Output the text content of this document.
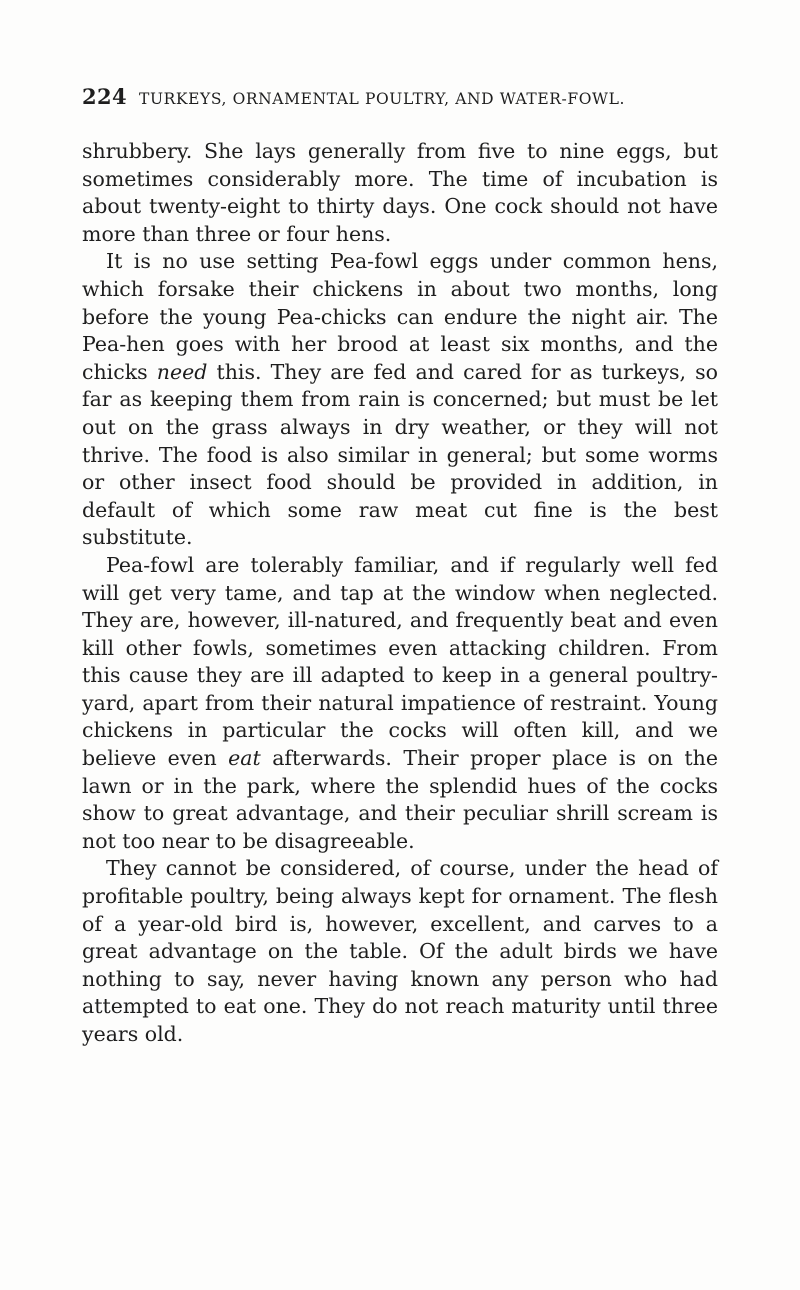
224 TURKEYS, ORNAMENTAL POULTRY, AND WATER-FOWL.

shrubbery. She lays generally from five to nine eggs, but sometimes considerably more. The time of incubation is about twenty-eight to thirty days. One cock should not have more than three or four hens.

It is no use setting Pea-fowl eggs under common hens, which forsake their chickens in about two months, long before the young Pea-chicks can endure the night air. The Pea-hen goes with her brood at least six months, and the chicks need this. They are fed and cared for as turkeys, so far as keeping them from rain is concerned; but must be let out on the grass always in dry weather, or they will not thrive. The food is also similar in general; but some worms or other insect food should be provided in addition, in default of which some raw meat cut fine is the best substitute.

Pea-fowl are tolerably familiar, and if regularly well fed will get very tame, and tap at the window when neglected. They are, however, ill-natured, and frequently beat and even kill other fowls, sometimes even attacking children. From this cause they are ill adapted to keep in a general poultry-yard, apart from their natural impatience of restraint. Young chickens in particular the cocks will often kill, and we believe even eat afterwards. Their proper place is on the lawn or in the park, where the splendid hues of the cocks show to great advantage, and their peculiar shrill scream is not too near to be disagreeable.

They cannot be considered, of course, under the head of profitable poultry, being always kept for ornament. The flesh of a year-old bird is, however, excellent, and carves to a great advantage on the table. Of the adult birds we have nothing to say, never having known any person who had attempted to eat one. They do not reach maturity until three years old.
